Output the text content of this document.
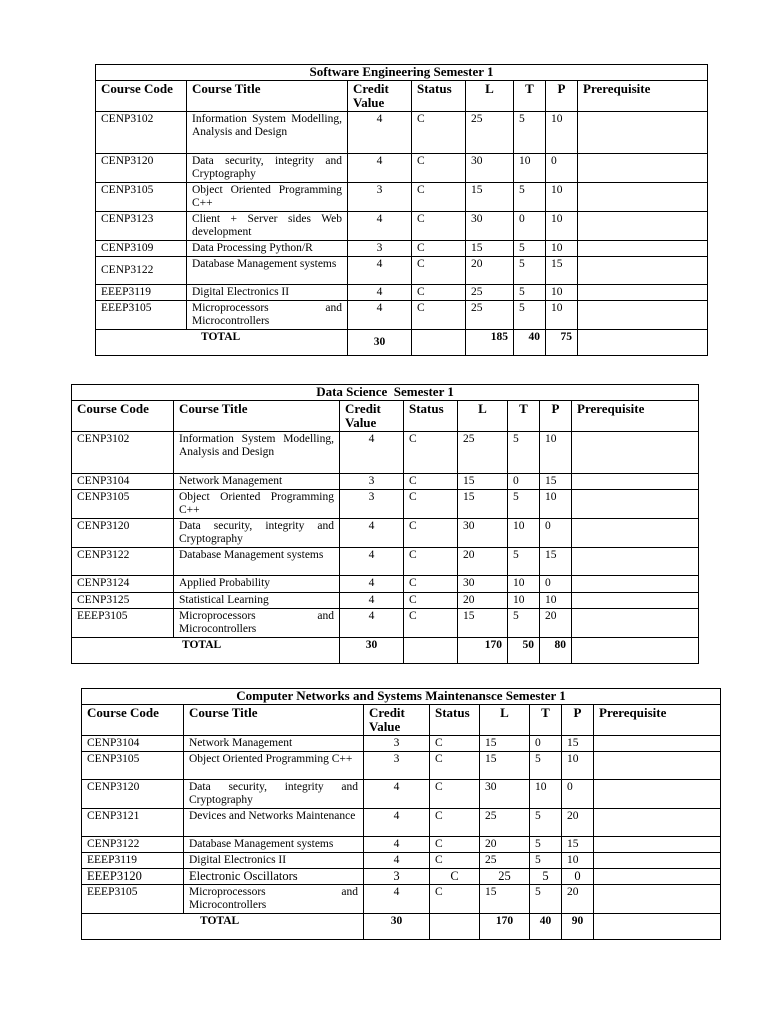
Software Engineering Semester 1							
Course Code	Course Title	Credit Value	Status	L	T	P	Prerequisite
CENP3102	Information System Modelling, Analysis and Design	4	C	25	5	10	
CENP3120	Data security, integrity and Cryptography	4	C	30	10	0	
CENP3105	Object Oriented Programming C++	3	C	15	5	10	
CENP3123	Client + Server sides Web development	4	C	30	0	10	
CENP3109	Data Processing Python/R	3	C	15	5	10	
CENP3122	Database Management systems	4	C	20	5	15	
EEEP3119	Digital Electronics II	4	C	25	5	10	
EEEP3105	Microprocessors and Microcontrollers	4	C	25	5	10	
TOTAL		30		185	40	75	
Data Science  Semester 1							
Course Code	Course Title	Credit Value	Status	L	T	P	Prerequisite
CENP3102	Information System Modelling, Analysis and Design	4	C	25	5	10	
CENP3104	Network Management	3	C	15	0	15	
CENP3105	Object Oriented Programming C++	3	C	15	5	10	
CENP3120	Data security, integrity and Cryptography	4	C	30	10	0	
CENP3122	Database Management systems	4	C	20	5	15	
CENP3124	Applied Probability	4	C	30	10	0	
CENP3125	Statistical Learning	4	C	20	10	10	
EEEP3105	Microprocessors and Microcontrollers	4	C	15	5	20	
TOTAL		30		170	50	80	
Computer Networks and Systems Maintenansce Semester 1							
Course Code	Course Title	Credit Value	Status	L	T	P	Prerequisite
CENP3104	Network Management	3	C	15	0	15	
CENP3105	Object Oriented Programming C++	3	C	15	5	10	
CENP3120	Data security, integrity and Cryptography	4	C	30	10	0	
CENP3121	Devices and Networks Maintenance	4	C	25	5	20	
CENP3122	Database Management systems	4	C	20	5	15	
EEEP3119	Digital Electronics II	4	C	25	5	10	
EEEP3120	Electronic Oscillators	3	C	25	5	0	
EEEP3105	Microprocessors and Microcontrollers	4	C	15	5	20	
TOTAL		30		170	40	90	
